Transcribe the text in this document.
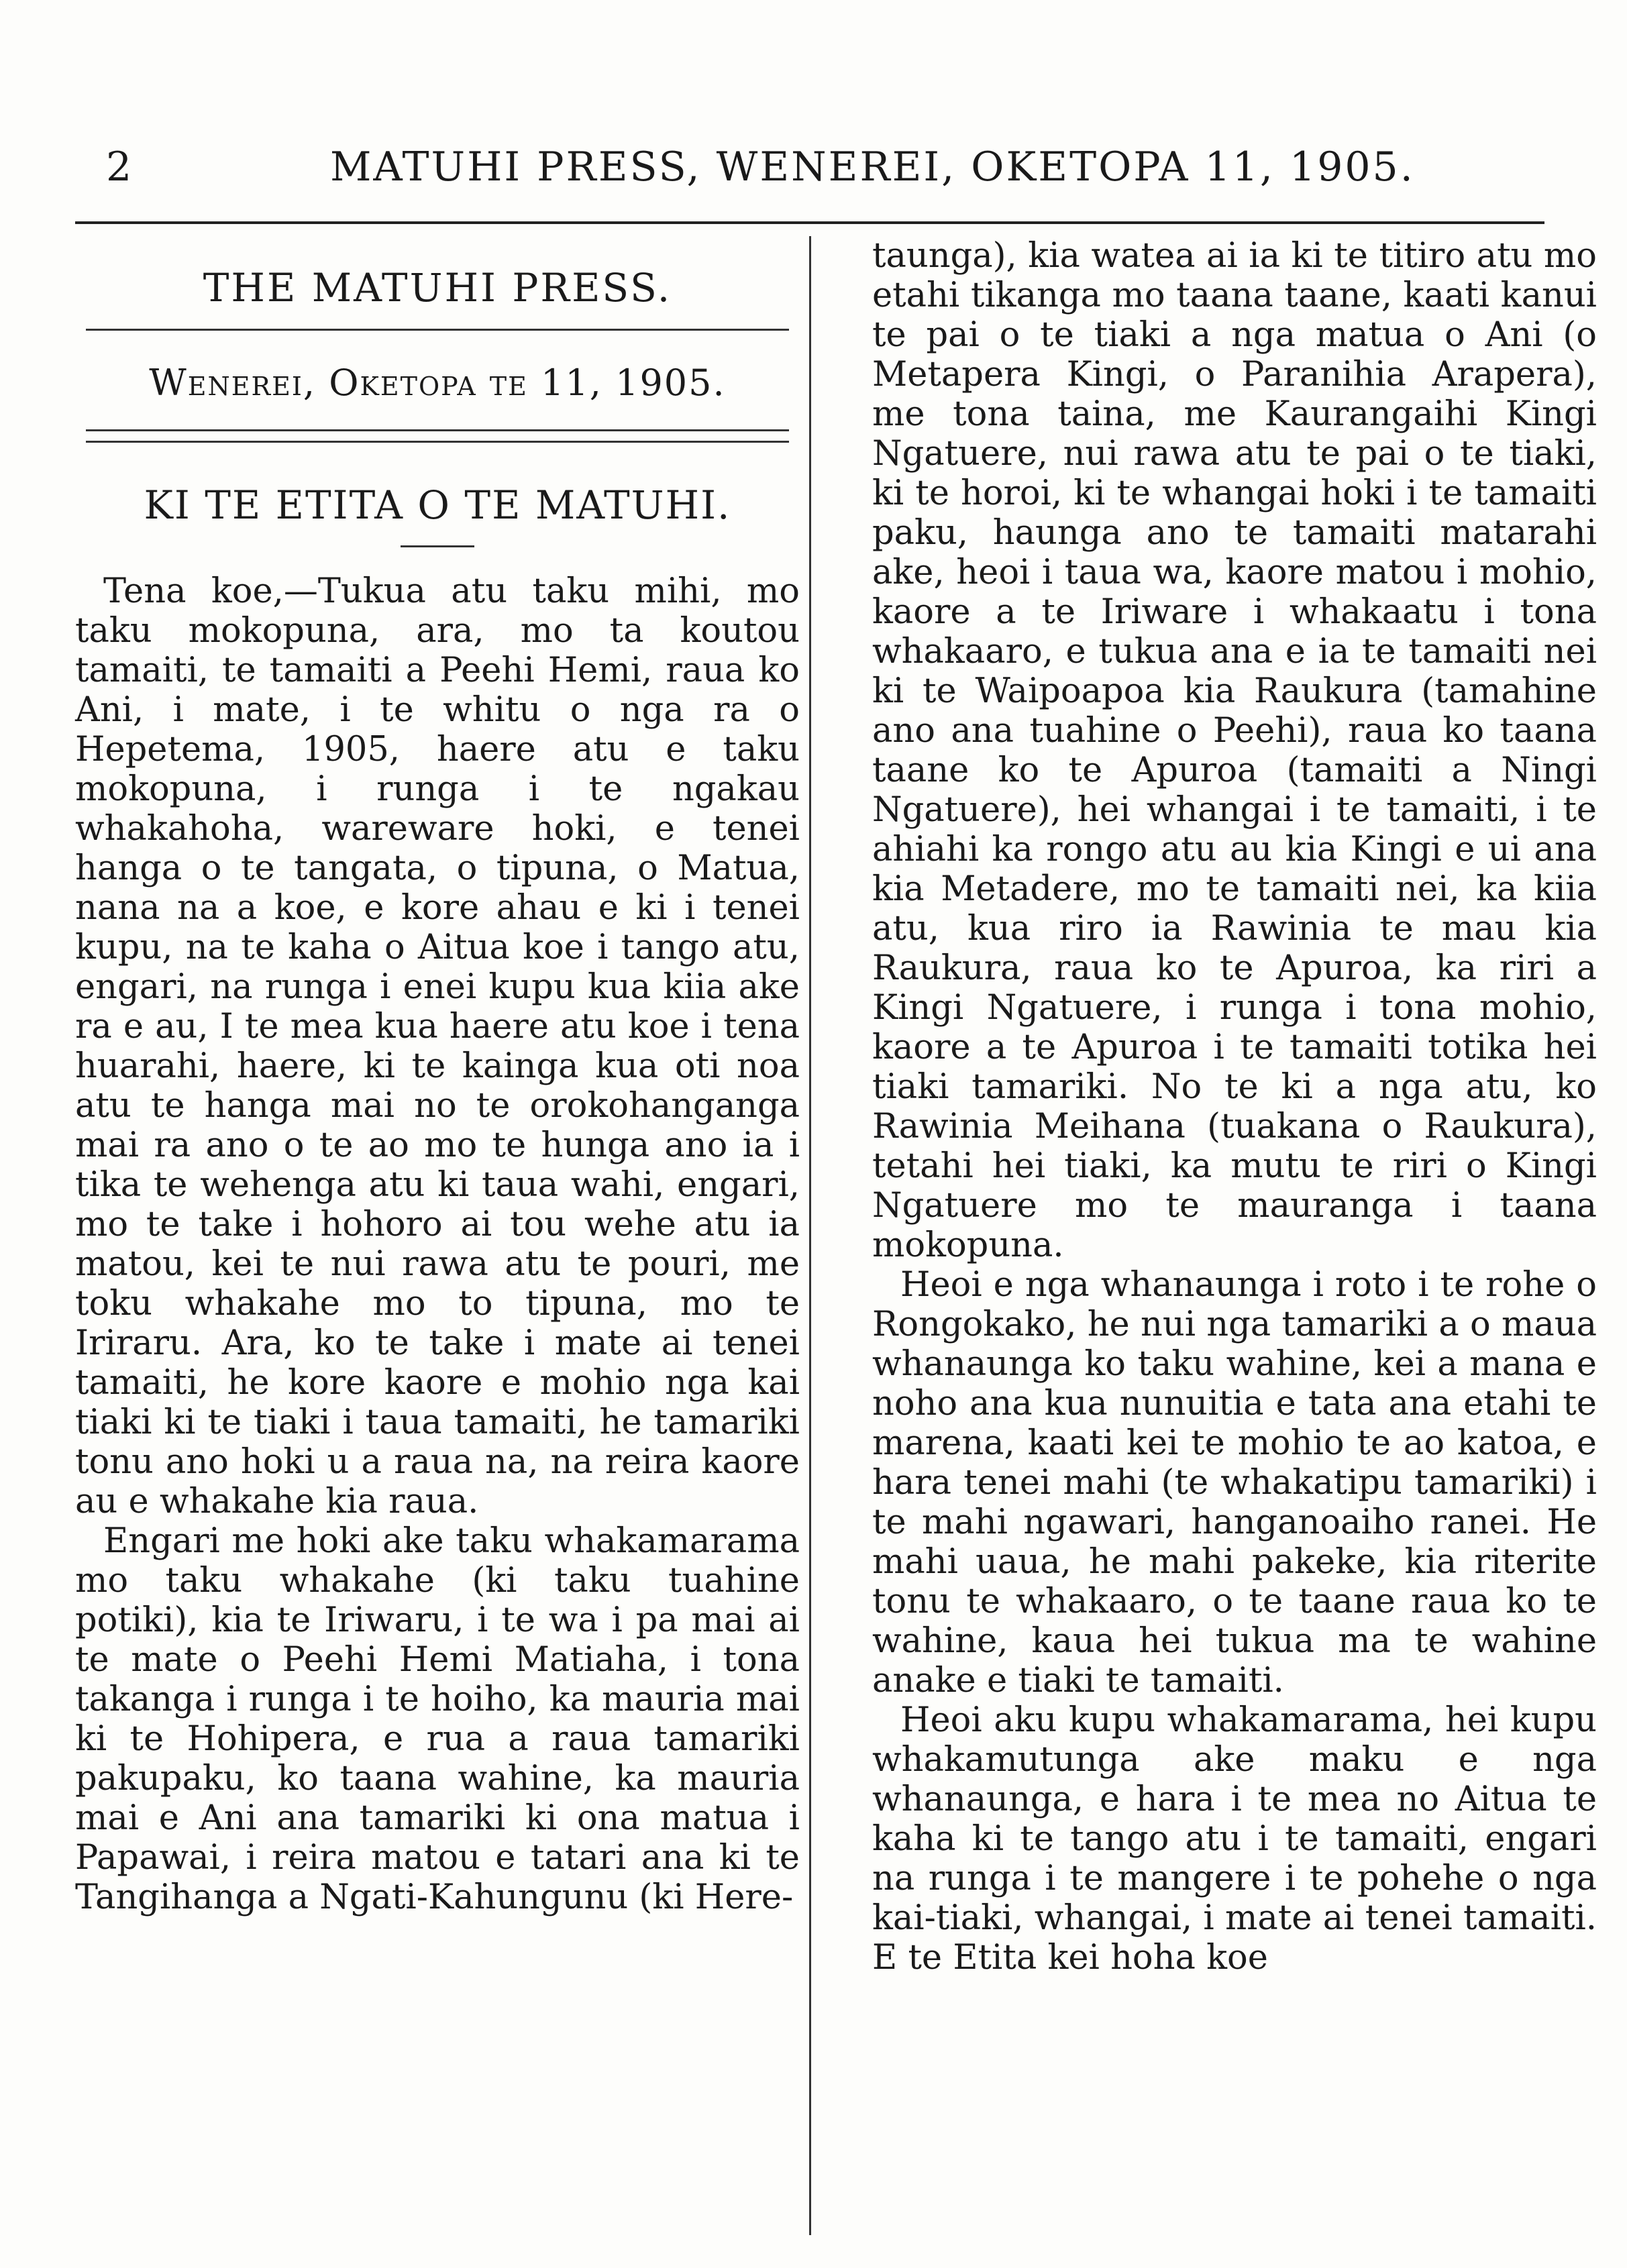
2	MATUHI PRESS, WENEREI, OKETOPA 11, 1905.
THE MATUHI PRESS.
Wenerei, Oketopa te 11, 1905.
KI TE ETITA O TE MATUHI.

Tena koe,—Tukua atu taku mihi, mo taku mokopuna, ara, mo ta koutou tamaiti, te tamaiti a Peehi Hemi, raua ko Ani, i mate, i te whitu o nga ra o Hepetema, 1905, haere atu e taku mokopuna, i runga i te ngakau whakahoha, wareware hoki, e tenei hanga o te tangata, o tipuna, o Matua, nana na a koe, e kore ahau e ki i tenei kupu, na te kaha o Aitua koe i tango atu, engari, na runga i enei kupu kua kiia ake ra e au, I te mea kua haere atu koe i tena huarahi, haere, ki te kainga kua oti noa atu te hanga mai no te orokohanganga mai ra ano o te ao mo te hunga ano ia i tika te wehenga atu ki taua wahi, engari, mo te take i hohoro ai tou wehe atu ia matou, kei te nui rawa atu te pouri, me toku whakahe mo to tipuna, mo te Iriraru. Ara, ko te take i mate ai tenei tamaiti, he kore kaore e mohio nga kai tiaki ki te tiaki i taua tamaiti, he tamariki tonu ano hoki u a raua na, na reira kaore au e whakahe kia raua.

Engari me hoki ake taku whakamarama mo taku whakahe (ki taku tuahine potiki), kia te Iriwaru, i te wa i pa mai ai te mate o Peehi Hemi Matiaha, i tona takanga i runga i te hoiho, ka mauria mai ki te Hohipera, e rua a raua tamariki pakupaku, ko taana wahine, ka mauria mai e Ani ana tamariki ki ona matua i Papawai, i reira matou e tatari ana ki te Tangihanga a Ngati-Kahungunu (ki Here-

taunga), kia watea ai ia ki te titiro atu mo etahi tikanga mo taana taane, kaati kanui te pai o te tiaki a nga matua o Ani (o Metapera Kingi, o Paranihia Arapera), me tona taina, me Kaurangaihi Kingi Ngatuere, nui rawa atu te pai o te tiaki, ki te horoi, ki te whangai hoki i te tamaiti paku, haunga ano te tamaiti matarahi ake, heoi i taua wa, kaore matou i mohio, kaore a te Iriware i whakaatu i tona whakaaro, e tukua ana e ia te tamaiti nei ki te Waipoapoa kia Raukura (tamahine ano ana tuahine o Peehi), raua ko taana taane ko te Apuroa (tamaiti a Ningi Ngatuere), hei whangai i te tamaiti, i te ahiahi ka rongo atu au kia Kingi e ui ana kia Metadere, mo te tamaiti nei, ka kiia atu, kua riro ia Rawinia te mau kia Raukura, raua ko te Apuroa, ka riri a Kingi Ngatuere, i runga i tona mohio, kaore a te Apuroa i te tamaiti totika hei tiaki tamariki. No te ki a nga atu, ko Rawinia Meihana (tuakana o Raukura), tetahi hei tiaki, ka mutu te riri o Kingi Ngatuere mo te mauranga i taana mokopuna.

Heoi e nga whanaunga i roto i te rohe o Rongokako, he nui nga tamariki a o maua whanaunga ko taku wahine, kei a mana e noho ana kua nunuitia e tata ana etahi te marena, kaati kei te mohio te ao katoa, e hara tenei mahi (te whakatipu tamariki) i te mahi ngawari, hanganoaiho ranei. He mahi uaua, he mahi pakeke, kia riterite tonu te whakaaro, o te taane raua ko te wahine, kaua hei tukua ma te wahine anake e tiaki te tamaiti.

Heoi aku kupu whakamarama, hei kupu whakamutunga ake maku e nga whanaunga, e hara i te mea no Aitua te kaha ki te tango atu i te tamaiti, engari na runga i te mangere i te pohehe o nga kai-tiaki, whangai, i mate ai tenei tamaiti. E te Etita kei hoha koe
